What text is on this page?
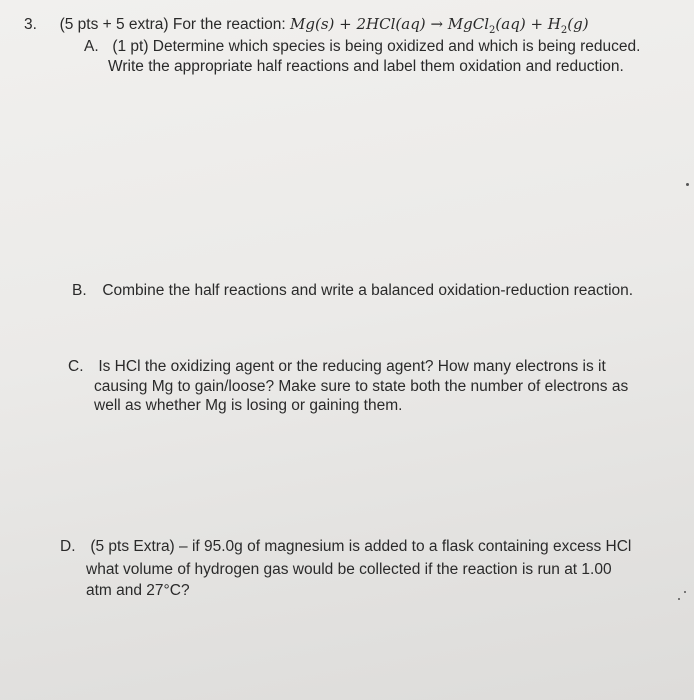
3. (5 pts + 5 extra) For the reaction: Mg(s) + 2HCl(aq) → MgCl$_2$(aq) + $H_2(g)$
A. (1 pt) Determine which species is being oxidized and which is being reduced.
Write the appropriate half reactions and label them oxidation and reduction.
B. Combine the half reactions and write a balanced oxidation-reduction reaction.
C. Is HCl the oxidizing agent or the reducing agent? How many electrons is it
causing Mg to gain/loose? Make sure to state both the number of electrons as
well as whether Mg is losing or gaining them.
D. (5 pts Extra) – if 95.0g of magnesium is added to a flask containing excess HCl
what volume of hydrogen gas would be collected if the reaction is run at 1.00
atm and 27°C?
